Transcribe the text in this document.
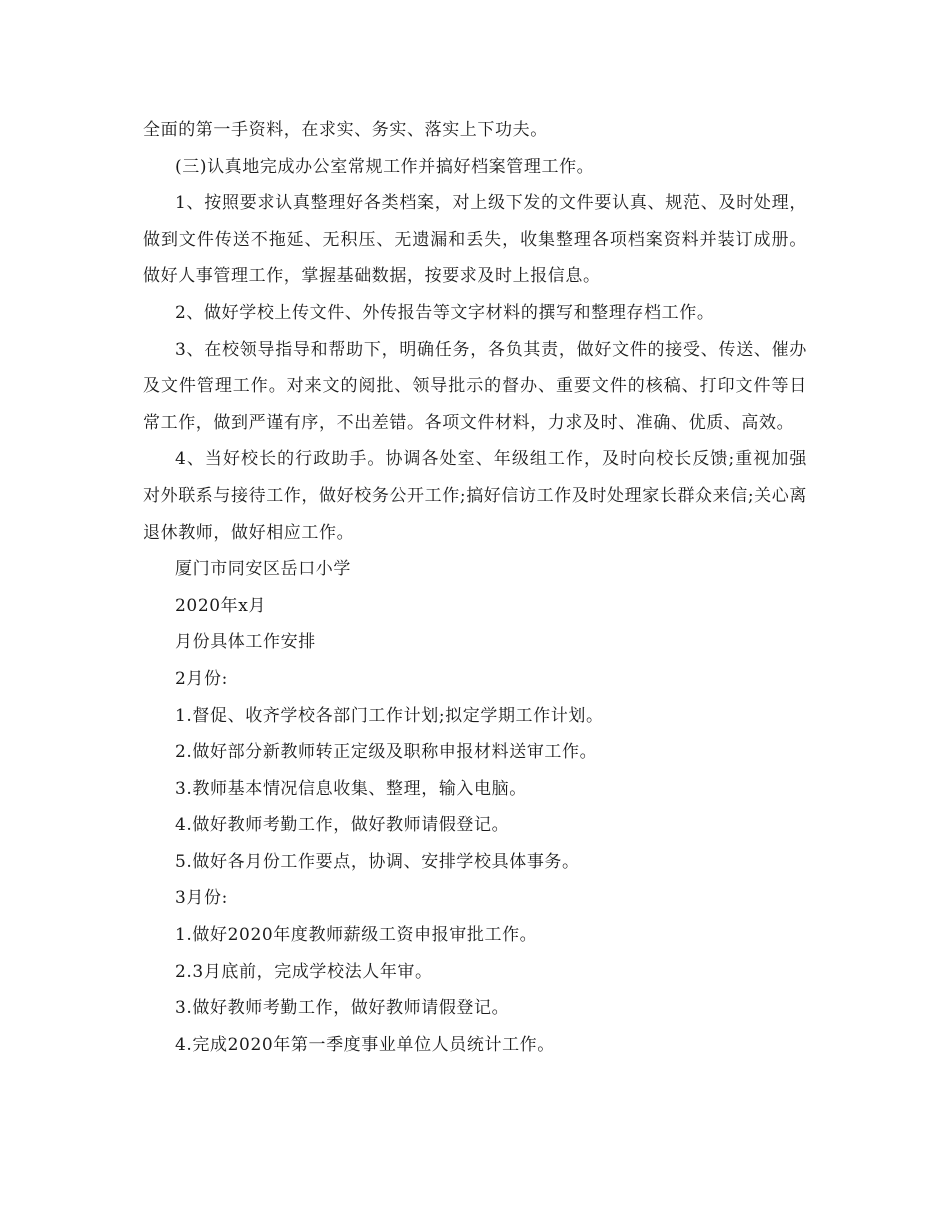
全面的第一手资料，在求实、务实、落实上下功夫。

(三)认真地完成办公室常规工作并搞好档案管理工作。

1、按照要求认真整理好各类档案，对上级下发的文件要认真、规范、及时处理，做到文件传送不拖延、无积压、无遗漏和丢失，收集整理各项档案资料并装订成册。做好人事管理工作，掌握基础数据，按要求及时上报信息。

2、做好学校上传文件、外传报告等文字材料的撰写和整理存档工作。

3、在校领导指导和帮助下，明确任务，各负其责，做好文件的接受、传送、催办及文件管理工作。对来文的阅批、领导批示的督办、重要文件的核稿、打印文件等日常工作，做到严谨有序，不出差错。各项文件材料，力求及时、准确、优质、高效。

4、当好校长的行政助手。协调各处室、年级组工作，及时向校长反馈;重视加强对外联系与接待工作，做好校务公开工作;搞好信访工作及时处理家长群众来信;关心离退休教师，做好相应工作。

厦门市同安区岳口小学

2020年x月

月份具体工作安排

2月份:

1.督促、收齐学校各部门工作计划;拟定学期工作计划。

2.做好部分新教师转正定级及职称申报材料送审工作。

3.教师基本情况信息收集、整理，输入电脑。

4.做好教师考勤工作，做好教师请假登记。

5.做好各月份工作要点，协调、安排学校具体事务。

3月份:

1.做好2020年度教师薪级工资申报审批工作。

2.3月底前，完成学校法人年审。

3.做好教师考勤工作，做好教师请假登记。

4.完成2020年第一季度事业单位人员统计工作。
